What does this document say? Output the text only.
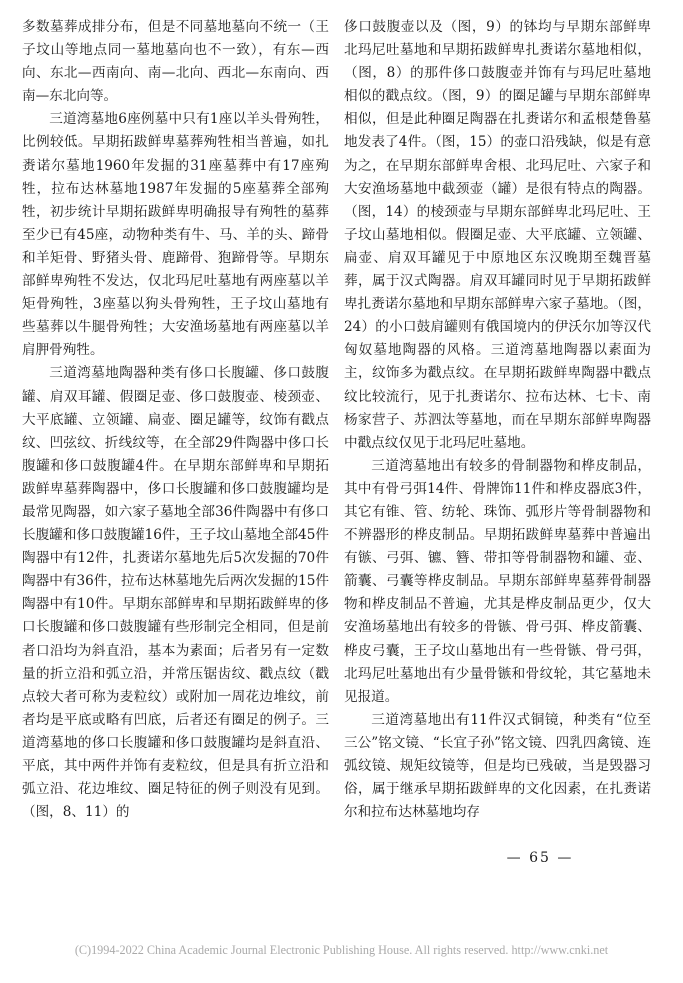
多数墓葬成排分布，但是不同墓地墓向不统一（王子坟山等地点同一墓地墓向也不一致），有东—西向、东北—西南向、南—北向、西北—东南向、西南—东北向等。

三道湾墓地6座例墓中只有1座以羊头骨殉牲，比例较低。早期拓跋鲜卑墓葬殉牲相当普遍，如扎赉诺尔墓地1960年发掘的31座墓葬中有17座殉牲，拉布达林墓地1987年发掘的5座墓葬全部殉牲，初步统计早期拓跋鲜卑明确报导有殉牲的墓葬至少已有45座，动物种类有牛、马、羊的头、蹄骨和羊矩骨、野猪头骨、鹿蹄骨、狍蹄骨等。早期东部鲜卑殉牲不发达，仅北玛尼吐墓地有两座墓以羊矩骨殉牲，3座墓以狗头骨殉牲，王子坟山墓地有些墓葬以牛腿骨殉牲；大安渔场墓地有两座墓以羊肩胛骨殉牲。

三道湾墓地陶器种类有侈口长腹罐、侈口鼓腹罐、肩双耳罐、假圈足壶、侈口鼓腹壶、棱颈壶、大平底罐、立领罐、扁壶、圈足罐等，纹饰有戳点纹、凹弦纹、折线纹等，在全部29件陶器中侈口长腹罐和侈口鼓腹罐4件。在早期东部鲜卑和早期拓跋鲜卑墓葬陶器中，侈口长腹罐和侈口鼓腹罐均是最常见陶器，如六家子墓地全部36件陶器中有侈口长腹罐和侈口鼓腹罐16件，王子坟山墓地全部45件陶器中有12件，扎赉诺尔墓地先后5次发掘的70件陶器中有36件，拉布达林墓地先后两次发掘的15件陶器中有10件。早期东部鲜卑和早期拓跋鲜卑的侈口长腹罐和侈口鼓腹罐有些形制完全相同，但是前者口沿均为斜直沿，基本为素面；后者另有一定数量的折立沿和弧立沿，并常压锯齿纹、戳点纹（戳点较大者可称为麦粒纹）或附加一周花边堆纹，前者均是平底或略有凹底，后者还有圈足的例子。三道湾墓地的侈口长腹罐和侈口鼓腹罐均是斜直沿、平底，其中两件并饰有麦粒纹，但是具有折立沿和弧立沿、花边堆纹、圈足特征的例子则没有见到。（图，8、11）的

侈口鼓腹壶以及（图，9）的钵均与早期东部鲜卑北玛尼吐墓地和早期拓跋鲜卑扎赉诺尔墓地相似，（图，8）的那件侈口鼓腹壶并饰有与玛尼吐墓地相似的戳点纹。（图，9）的圈足罐与早期东部鲜卑相似，但是此种圈足陶器在扎赉诺尔和孟根楚鲁墓地发表了4件。（图，15）的壶口沿残缺，似是有意为之，在早期东部鲜卑舍根、北玛尼吐、六家子和大安渔场墓地中截颈壶（罐）是很有特点的陶器。（图，14）的棱颈壶与早期东部鲜卑北玛尼吐、王子坟山墓地相似。假圈足壶、大平底罐、立领罐、扁壶、肩双耳罐见于中原地区东汉晚期至魏晋墓葬，属于汉式陶器。肩双耳罐同时见于早期拓跋鲜卑扎赉诺尔墓地和早期东部鲜卑六家子墓地。（图，24）的小口鼓肩罐则有俄国境内的伊沃尔加等汉代匈奴墓地陶器的风格。三道湾墓地陶器以素面为主，纹饰多为戳点纹。在早期拓跋鲜卑陶器中戳点纹比较流行，见于扎赉诺尔、拉布达林、七卡、南杨家营子、苏泗汰等墓地，而在早期东部鲜卑陶器中戳点纹仅见于北玛尼吐墓地。

三道湾墓地出有较多的骨制器物和桦皮制品，其中有骨弓弭14件、骨牌饰11件和桦皮器底3件，其它有锥、管、纺轮、珠饰、弧形片等骨制器物和不辨器形的桦皮制品。早期拓跋鲜卑墓葬中普遍出有镞、弓弭、镳、簪、带扣等骨制器物和罐、壶、箭囊、弓囊等桦皮制品。早期东部鲜卑墓葬骨制器物和桦皮制品不普遍，尤其是桦皮制品更少，仅大安渔场墓地出有较多的骨镞、骨弓弭、桦皮箭囊、桦皮弓囊，王子坟山墓地出有一些骨镞、骨弓弭，北玛尼吐墓地出有少量骨镞和骨纹轮，其它墓地未见报道。

三道湾墓地出有11件汉式铜镜，种类有“位至三公”铭文镜、“长宜子孙”铭文镜、四乳四禽镜、连弧纹镜、规矩纹镜等，但是均已残破，当是毁器习俗，属于继承早期拓跋鲜卑的文化因素，在扎赉诺尔和拉布达林墓地均存

— 65 —
(C)1994-2022 China Academic Journal Electronic Publishing House. All rights reserved. http://www.cnki.net
